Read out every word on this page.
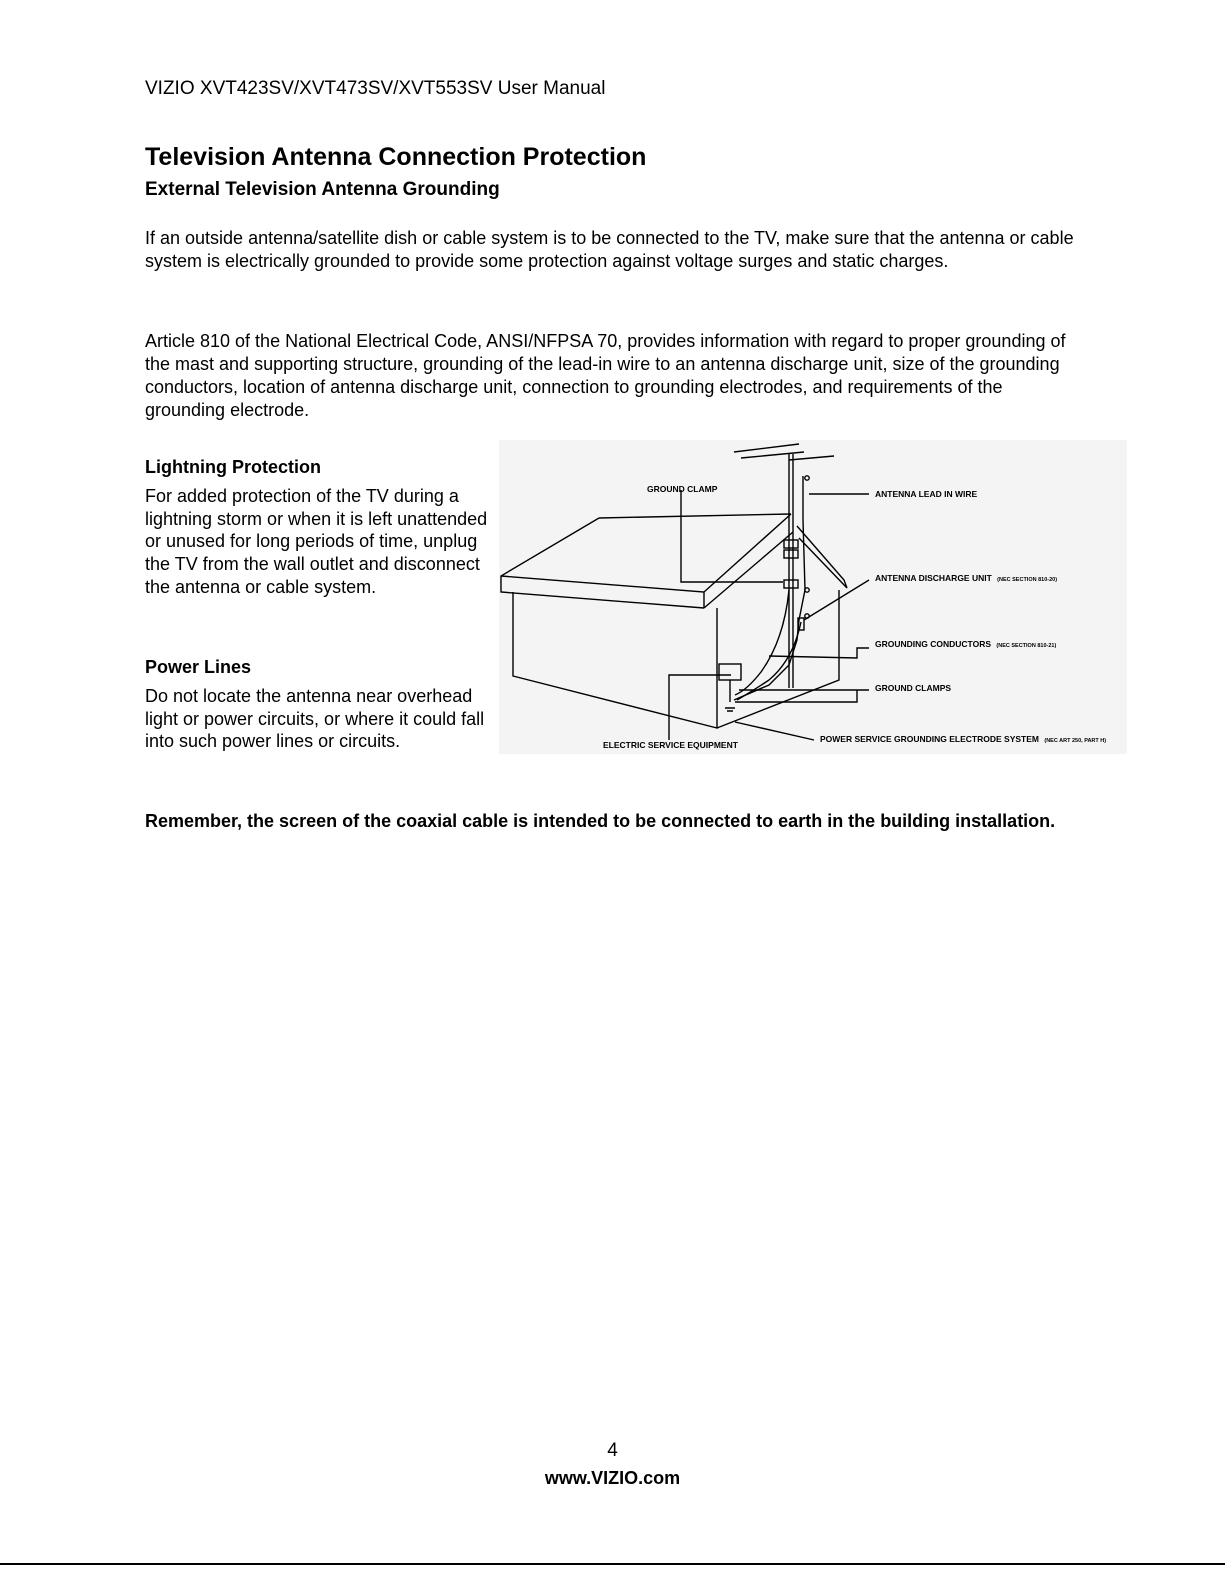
VIZIO XVT423SV/XVT473SV/XVT553SV User Manual
Television Antenna Connection Protection
External Television Antenna Grounding
If an outside antenna/satellite dish or cable system is to be connected to the TV, make sure that the antenna or cable system is electrically grounded to provide some protection against voltage surges and static charges.
Article 810 of the National Electrical Code, ANSI/NFPSA 70, provides information with regard to proper grounding of the mast and supporting structure, grounding of the lead-in wire to an antenna discharge unit, size of the grounding conductors, location of antenna discharge unit, connection to grounding electrodes, and requirements of the grounding electrode.
Lightning Protection

For added protection of the TV during a lightning storm or when it is left unattended or unused for long periods of time, unplug the TV from the wall outlet and disconnect the antenna or cable system.

Power Lines

Do not locate the antenna near overhead light or power circuits, or where it could fall into such power lines or circuits.

GROUND CLAMP	ANTENNA LEAD IN WIRE
ANTENNA DISCHARGE UNIT (NEC SECTION 810-20)
GROUNDING CONDUCTORS (NEC SECTION 810-21)
GROUND CLAMPS
ELECTRIC SERVICE EQUIPMENT
POWER SERVICE GROUNDING ELECTRODE SYSTEM (NEC ART 250, PART H)
Remember, the screen of the coaxial cable is intended to be connected to earth in the building installation.
4
www.VIZIO.com
